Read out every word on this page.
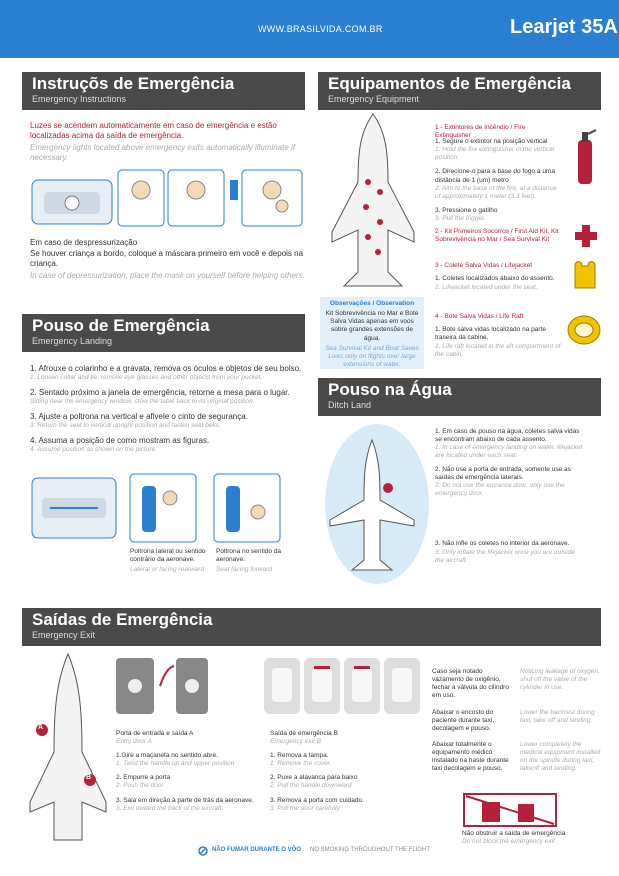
WWW.BRASILVIDA.COM.BR	Learjet 35A
Instruçõs de Emergência
Emergency Instructions
Luzes se acendem automaticamente em caso de emergência e estão localizadas acima da saída de emergência.
Emergency lights located above emergency exits automatically illuminate if necessary.
Em caso de despressurização
Se houver criança a bordo, coloque a máscara primeiro em você e depois na criança.
In case of depressurization, place the mask on yourself before helping others.
Pouso de Emergência
Emergency Landing
1. Afrouxe o colarinho e a gravata, remova os óculos e objetos de seu bolso.
1. Loosen collar and tie, remove eye glasses and other objects from your pocket.
2. Sentado próximo a janela de emergência, retorne a mesa para o lugar.
Sitting near the emergency window, stow the table back to its original position.
3. Ajuste a poltrona na vertical e afivele o cinto de segurança.
3. Return the seat to vertical upright position and fasten seat belts.
4. Assuma a posição de como mostram as figuras.
4. Assume position as shown on the picture.
Poltrona lateral ou sentido contrário da aeronave.
Lateral or facing rearward
Poltrona no sentido da aeronave.
Seat facing forward
Equipamentos de Emergência
Emergency Equipment
1 - Extintores de Incêndio / Fire Extinguisher
1. Segure o extintor na posição vertical
1. Hold the fire extinguisher in the vertical position.
2. Direcione-o para a base do fogo a uma distância de 1 (um) metro
2. Aim to the base of the fire, at a distance of approximately 1 meter (3.3 feet).
3. Pressione o gatilho
3. Pull the trigger.
2 - Kit Primeiros Socorros / First Aid Kit, Kit Sobrevivência no Mar / Sea Survival Kit
3 - Colete Salva Vidas / Lifejacket
1. Coletes localizados abaixo do assento.
1. Lifejacket located under the seat.
4 - Bote Salva Vidas / Life Raft
1. Bote salva vidas localizado na parte traseira da cabine.
1. Life raft located in the aft compartment of the cabin.
Observações / Observation
Kit Sobrevivência no Mar e Bote Salva Vidas apenas em voos sobre grandes extensões de água.
Sea Survival Kit and Boat Saves Lives only on flights over large extensions of water.
Pouso na Água
Ditch Land
1. Em caso de pouso na água, coletes salva vidas se encontram abaixo de cada assento.
1. In case of emergency landing on water, lifejacket are located under each seat.
2. Não use a porta de entrada, somente use as saídas de emergência laterais.
2. Do not use the entrance door, only use the emergency door.
3. Não infle os coletes no interior da aeronave.
3. Only inflate the lifejacket once you are outside the aircraft.
Saídas de Emergência
Emergency Exit
A
B
Porta de entrada e saída A
Entry door A
1.Gire a maçaneta no sentido abre.
1. Twist the handle up and upper position
2. Empurre a porta
2. Push the door
3. Saia em direção à parte de trás da aeronave.
3. Exit toward the back of the aircraft.
Saída de emergência B
Emergency exit B
1. Remova a tampa.
1. Remove the cover.
2. Puxe a alavanca para baixo
2. Pull the handle downward
3. Remova a porta com cuidado.
3. Pull the door carefully.
Caso seja notado vazamento de oxigênio, fechar a válvula do cilindro em uso.
Noticing leakage of oxygen, shut off the valve of the cylinder in use.
Abaixar o encosto do paciente durante taxi, decolagem e pouso.
Lower the backrest during taxi, take off and landing.
Abaixar totalmente o equipamento médico instalado na haste durante taxi decolagem e pouso.
Lower completely the medical equipment installed on the spindle during taxi, takeoff and landing.
Não obstruir a saída de emergência
Do not block the emergency exit
NÃO FUMAR DURANTE O VÔO NO SMOKING THROUGHOUT THE FLIGHT
